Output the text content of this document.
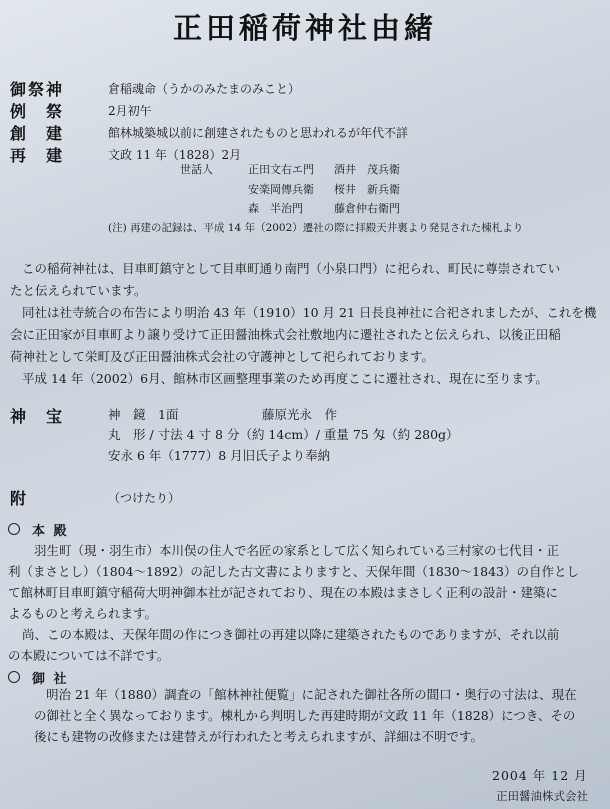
正田稲荷神社由緒
御祭神	倉稲魂命（うかのみたまのみこと）
例　祭	2月初午
創　建	館林城築城以前に創建されたものと思われるが年代不詳
再　建	文政 11 年（1828）2月
世話人	正田文右エ門 酒井　茂兵衛
安楽岡傳兵衛 桜井　新兵衛
森　半治門	藤倉仲右衛門
(注) 再建の記録は、平成 14 年（2002）遷社の際に拝殿天井裏より発見された棟札より
この稲荷神社は、目車町鎮守として目車町通り南門（小泉口門）に祀られ、町民に尊崇されてい
たと伝えられています。
同社は社寺統合の布告により明治 43 年（1910）10 月 21 日長良神社に合祀されましたが、これを機
会に正田家が目車町より譲り受けて正田醤油株式会社敷地内に遷社されたと伝えられ、以後正田稲
荷神社として栄町及び正田醤油株式会社の守護神として祀られております。
平成 14 年（2002）6月、館林市区画整理事業のため再度ここに遷社され、現在に至ります。
神　宝	神　鏡　1面	藤原光永　作
丸　形 / 寸法 4 寸 8 分（約 14cm）/ 重量 75 匁（約 280g）
安永 6 年（1777）8 月旧氏子より奉納
附	（つけたり）
本 殿
羽生町（現・羽生市）本川俣の住人で名匠の家系として広く知られている三村家の七代目・正
利（まさとし）（1804～1892）の記した古文書によりますと、天保年間（1830～1843）の自作とし
て館林町目車町鎮守稲荷大明神御本社が記されており、現在の本殿はまさしく正利の設計・建築に
よるものと考えられます。
尚、この本殿は、天保年間の作につき御社の再建以降に建築されたものでありますが、それ以前
の本殿については不詳です。
御 社
明治 21 年（1880）調査の「館林神社便覧」に記された御社各所の間口・奥行の寸法は、現在
の御社と全く異なっております。棟札から判明した再建時期が文政 11 年（1828）につき、その
後にも建物の改修または建替えが行われたと考えられますが、詳細は不明です。
2004 年 12 月
正田醤油株式会社
